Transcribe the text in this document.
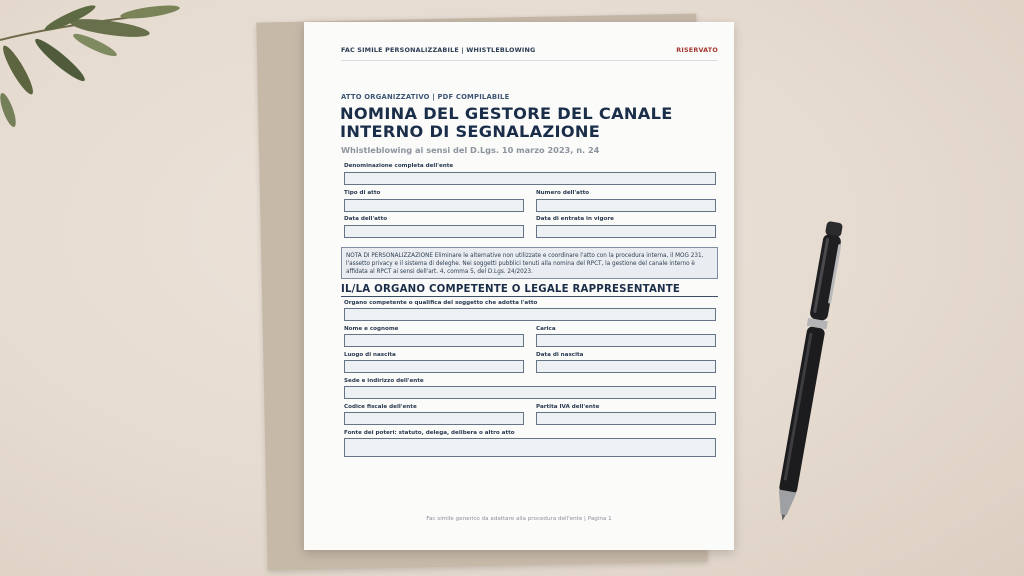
FAC SIMILE PERSONALIZZABILE | WHISTLEBLOWING	RISERVATO
ATTO ORGANIZZATIVO | PDF COMPILABILE
NOMINA DEL GESTORE DEL CANALE INTERNO DI SEGNALAZIONE
Whistleblowing ai sensi del D.Lgs. 10 marzo 2023, n. 24
Denominazione completa dell'ente
Tipo di atto	Numero dell'atto
Data dell'atto	Data di entrata in vigore
NOTA DI PERSONALIZZAZIONE Eliminare le alternative non utilizzate e coordinare l'atto con la procedura interna, il MOG 231, l'assetto privacy e il sistema di deleghe. Nei soggetti pubblici tenuti alla nomina del RPCT, la gestione del canale interno è affidata al RPCT ai sensi dell'art. 4, comma 5, del D.Lgs. 24/2023.
IL/LA ORGANO COMPETENTE O LEGALE RAPPRESENTANTE
Organo competente o qualifica del soggetto che adotta l'atto
Nome e cognome	Carica
Luogo di nascita	Data di nascita
Sede e indirizzo dell'ente
Codice fiscale dell'ente	Partita IVA dell'ente
Fonte dei poteri: statuto, delega, delibera o altro atto
Fac simile generico da adattare alla procedura dell'ente | Pagina 1
